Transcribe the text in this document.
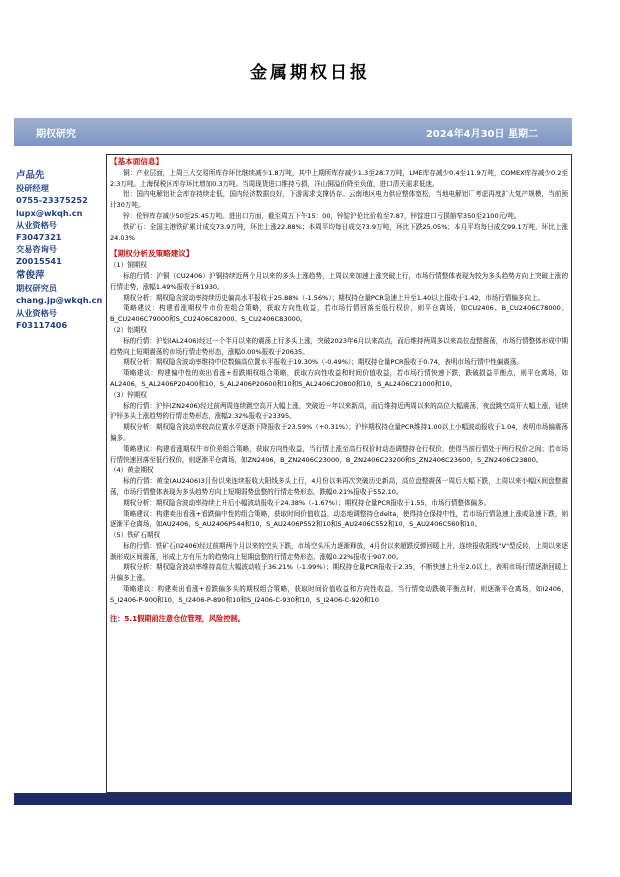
金属期权日报
期权研究	2024年4月30日 星期二
卢品先
投研经理
0755-23375252
lupx@wkqh.cn
从业资格号
F3047321
交易咨询号
Z0015541
常俊萍
期权研究员
chang.jp@wkqh.cn
从业资格号
F03117406
【基本面信息】
铜：产业层面，上周三大交易所库存环比继续减少1.8万吨，其中上期所库存减少1.3至28.7万吨，LME库存减少0.4至11.9万吨，COMEX库存减少0.2至2.3万吨。上海保税区库存环比增加0.3万吨。当周现货进口维持亏损，洋山铜溢价降至负值，进口清关需求低迷。
铝：国内电解铝社会库存持续走低，国内经济数据良好，下游需求支撑仍存。云南地区电力供应整体宽松，当地电解铝厂考虑再度扩大复产规模，当前预计30万吨。
锌：伦锌库存减少50至25.45万吨。进出口方面，截至周五下午15：00，锌锭沪伦比价收至7.87，锌锭进口亏损缩窄350至2100元/吨。
铁矿石：全国主港铁矿累计成交73.9万吨，环比上涨22.88%；本周平均每日成交73.9万吨，环比下跌25.05%；本月平均每日成交99.1万吨，环比上涨24.03%
【期权分析及策略建议】
（1）铜期权
标的行情：沪铜（CU2406）沪铜持续近两个月以来的多头上涨趋势，上周以来加速上涨突破上行，市场行情整体表现为较为多头趋势方向上突破上涨的行情走势，涨幅1.49%报收于81930。
期权分析：期权隐含波动率持续历史偏高水平报收于25.88%（-1.56%）；期权持仓量PCR急速上升至1.40以上报收于1.42，市场行情偏多向上。
策略建议：构建看涨期权牛市价差组合策略，获取方向性收益，若市场行情回落至低行权价，则平仓离场，如CU2406、B_CU2406C78000、B_CU2406C79000和S_CU2406C82000、S_CU2406C83000。
（2）铝期权
标的行情：沪铝(AL2406)经过一个半月以来的震荡上行多头上涨，突破2023年6月以来高点，而后维持两周多以来高位盘整震荡，市场行情整体形成中期趋势向上短期震荡的市场行情走势形态，涨幅0.00%报收于20635。
期权分析：期权隐含波动率维持中位数偏高位置水平报收于19.30%（-0.49%）；期权持仓量PCR报收于0.74，表明市场行情中性偏震荡。
策略建议：构建偏中性的卖出看涨+看跌期权组合策略，获取方向性收益和时间价值收益，若市场行情快速下跌，跌破损益平衡点，则平仓离场，如AL2406，S_AL2406P20400和10，S_AL2406P20600和10和S_AL2406C20800和10，S_AL2406C21000和10。
（3）锌期权
标的行情：沪锌(ZN2406)经过前两周连续跳空高开大幅上涨，突破近一年以来新高，而后维持近两周以来的高位大幅震荡，夜盘跳空高开大幅上涨，延续沪锌多头上涨趋势的行情走势形态，涨幅2.32%报收于23395。
期权分析：期权隐含波动率较高位置水平逐渐下降报收于23.59%（+0.31%）；沪锌期权持仓量PCR维持1.00以上小幅波动报收于1.04，表明市场偏震荡偏多。
策略建议：构建看涨期权牛市价差组合策略，获取方向性收益，当行情上涨至高行权价时动态调整持仓行权价，使得当前行情处于两行权价之间；若市场行情快速回落至低行权价，则逐渐平仓离场，如ZN2406，B_ZN2406C23000，B_ZN2406C23200和S_ZN2406C23600，S_ZN2406C23800。
（4）黄金期权
标的行情：黄金(AU2406)3月份以来连续报收大阳线多头上行，4月份以来再次突破历史新高，高位盘整震荡一周后大幅下跌，上周以来小幅区间盘整震荡，市场行情整体表现为多头趋势方向上短期弱势盘整的行情走势形态，跌幅0.21%报收于552.10。
期权分析：期权隐含波动率持续上升后小幅波动报收于24.38%（-1.67%）；期权持仓量PCR报收于1.55，市场行情整体偏多。
策略建议：构建卖出看涨+看跌偏中性的组合策略，获取时间价值收益，动态地调整持仓delta，使得持仓保持中性，若市场行情急速上涨或急速下跌，则逐渐平仓离场，如AU2406，S_AU2406P544和10，S_AU2406P552和10和S_AU2406C552和10，S_AU2406C560和10。
（5）铁矿石期权
标的行情：铁矿石(I2406)经过前期两个月以来的空头下跌，市场空头压力逐渐释放，4月份以来超跌反弹回暖上升，连续报收阳线"V"型反转，上周以来逐渐形成区间震荡，形成上方有压力的趋势向上短期盘整的行情走势形态，涨幅0.22%报收于907.00。
期权分析：期权隐含波动率维持高位大幅波动收于36.21%（-1.99%）；期权持仓量PCR报收于2.35，不断快速上升至2.0以上，表明市场行情逐渐回暖上升偏多上涨。
策略建议：构建卖出看涨+看跌偏多头的期权组合策略，获取时间价值收益和方向性收益，当行情变动跌破平衡点时，则逐渐平仓离场，如I2406，S_I2406-P-900和10，S_I2406-P-890和10和S_I2406-C-930和10，S_I2406-C-920和10
注：5.1假期前注意仓位管理，风险控制。
